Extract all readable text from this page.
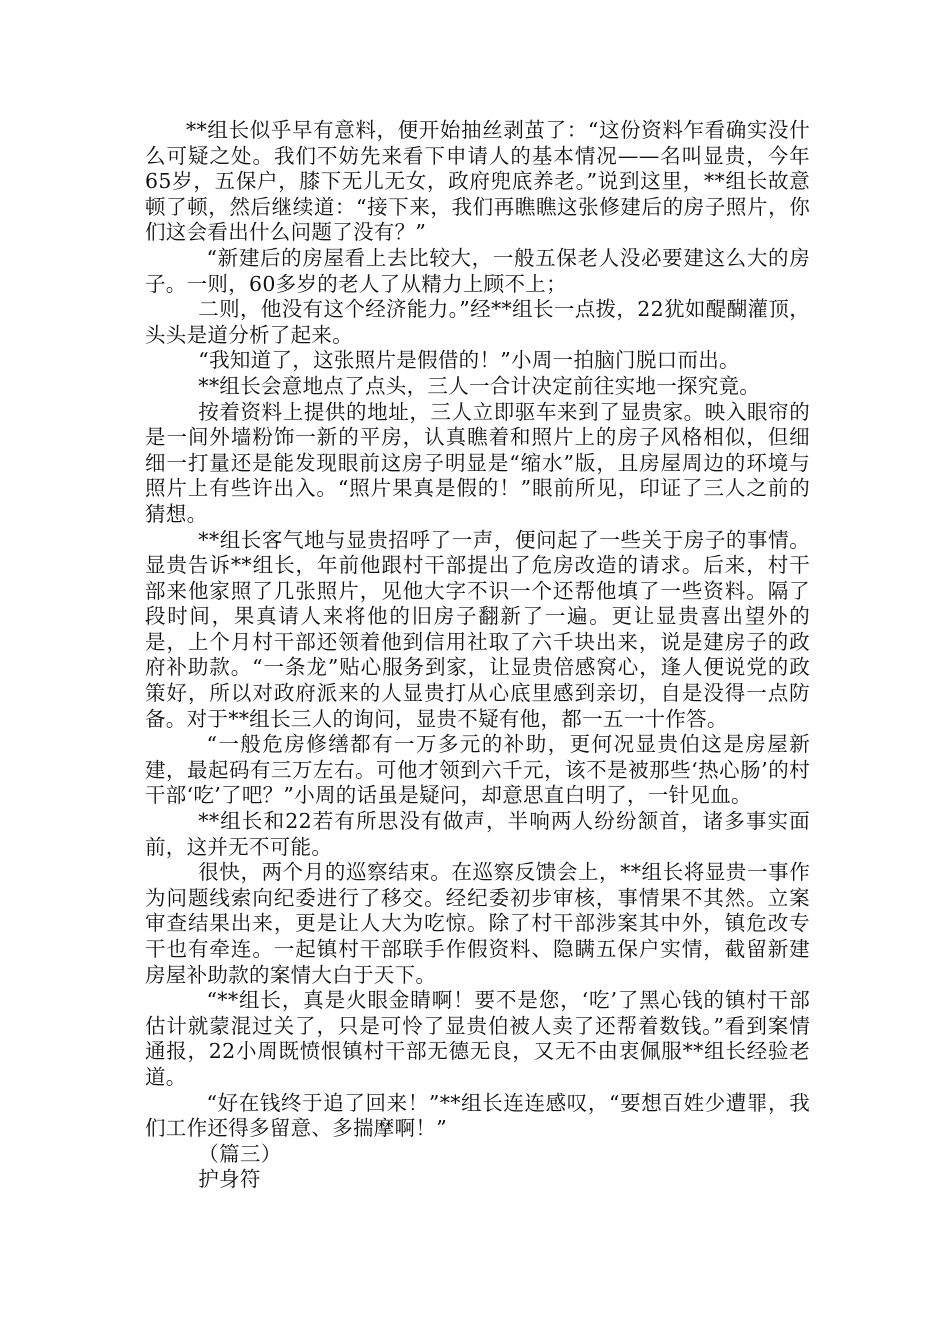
**组长似乎早有意料，便开始抽丝剥茧了：“这份资料乍看确实没什么可疑之处。我们不妨先来看下申请人的基本情况——名叫显贵，今年65岁，五保户，膝下无儿无女，政府兜底养老。”说到这里，**组长故意顿了顿，然后继续道：“接下来，我们再瞧瞧这张修建后的房子照片，你们这会看出什么问题了没有？”

“新建后的房屋看上去比较大，一般五保老人没必要建这么大的房子。一则，60多岁的老人了从精力上顾不上；

二则，他没有这个经济能力。”经**组长一点拨，22犹如醍醐灌顶，头头是道分析了起来。

“我知道了，这张照片是假借的！”小周一拍脑门脱口而出。

**组长会意地点了点头，三人一合计决定前往实地一探究竟。

按着资料上提供的地址，三人立即驱车来到了显贵家。映入眼帘的是一间外墙粉饰一新的平房，认真瞧着和照片上的房子风格相似，但细细一打量还是能发现眼前这房子明显是“缩水”版，且房屋周边的环境与照片上有些许出入。“照片果真是假的！”眼前所见，印证了三人之前的猜想。

**组长客气地与显贵招呼了一声，便问起了一些关于房子的事情。显贵告诉**组长，年前他跟村干部提出了危房改造的请求。后来，村干部来他家照了几张照片，见他大字不识一个还帮他填了一些资料。隔了段时间，果真请人来将他的旧房子翻新了一遍。更让显贵喜出望外的是，上个月村干部还领着他到信用社取了六千块出来，说是建房子的政府补助款。“一条龙”贴心服务到家，让显贵倍感窝心，逢人便说党的政策好，所以对政府派来的人显贵打从心底里感到亲切，自是没得一点防备。对于**组长三人的询问，显贵不疑有他，都一五一十作答。

“一般危房修缮都有一万多元的补助，更何况显贵伯这是房屋新建，最起码有三万左右。可他才领到六千元，该不是被那些‘热心肠’的村干部‘吃’了吧？”小周的话虽是疑问，却意思直白明了，一针见血。

**组长和22若有所思没有做声，半响两人纷纷颔首，诸多事实面前，这并无不可能。

很快，两个月的巡察结束。在巡察反馈会上，**组长将显贵一事作为问题线索向纪委进行了移交。经纪委初步审核，事情果不其然。立案审查结果出来，更是让人大为吃惊。除了村干部涉案其中外，镇危改专干也有牵连。一起镇村干部联手作假资料、隐瞒五保户实情，截留新建房屋补助款的案情大白于天下。

“**组长，真是火眼金睛啊！要不是您，‘吃’了黑心钱的镇村干部估计就蒙混过关了，只是可怜了显贵伯被人卖了还帮着数钱。”看到案情通报，22小周既愤恨镇村干部无德无良，又无不由衷佩服**组长经验老道。

“好在钱终于追了回来！”**组长连连感叹，“要想百姓少遭罪，我们工作还得多留意、多揣摩啊！”

（篇三）

护身符
